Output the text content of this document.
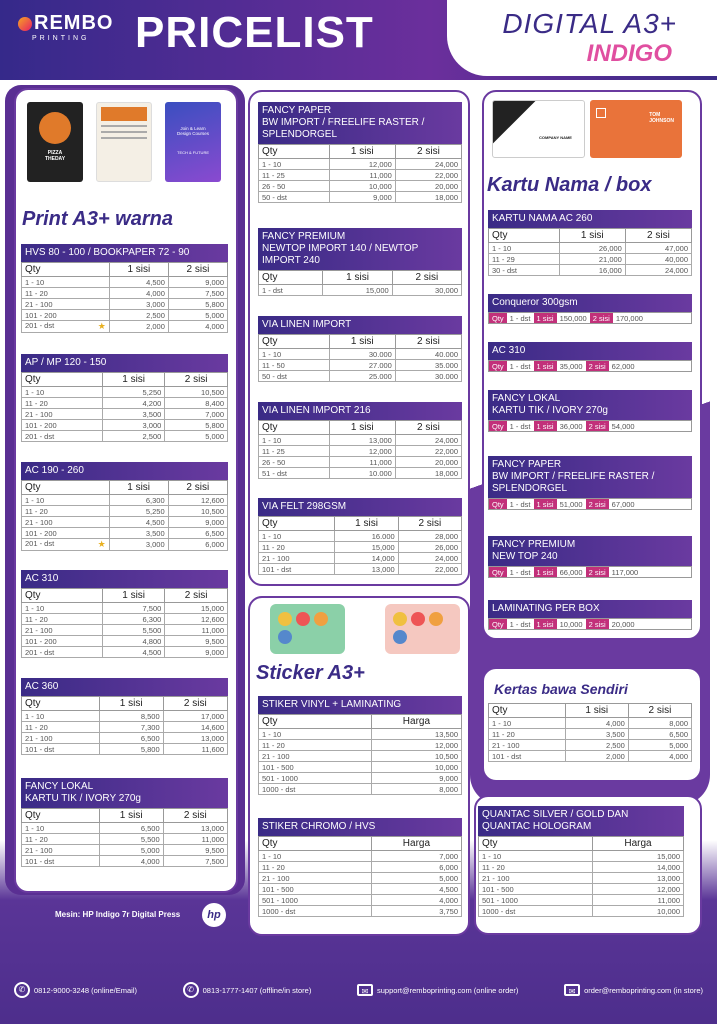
REMBO
PRINTING	PRICELIST	DIGITAL A3+
INDIGO
PIZZA
THEDAY
Join & Learn
Design Courses
TECH & FUTURE
Print A3+ warna
COMPANY NAME
TOM
JOHNSON
Kartu Nama / box
Sticker A3+
Kertas bawa Sendiri
Mesin: HP Indigo 7r Digital Press	hp
✆	0812-9000-3248 (online/Email)	✆	0813-1777-1407 (offline/in store)	✉	support@remboprinting.com (online order)	✉	order@remboprinting.com (in store)
HVS 80 - 100 / BOOKPAPER 72 - 90
Qty	1 sisi	2 sisi
1 - 10	4,500	9,000
11 - 20	4,000	7,500
21 - 100	3,000	5,800
101 - 200	2,500	5,000
201 - dst ★	2,000	4,000
AP / MP 120 - 150
Qty	1 sisi	2 sisi
1 - 10	5,250	10,500
11 - 20	4,200	8,400
21 - 100	3,500	7,000
101 - 200	3,000	5,800
201 - dst	2,500	5,000
AC 190 - 260
Qty	1 sisi	2 sisi
1 - 10	6,300	12,600
11 - 20	5,250	10,500
21 - 100	4,500	9,000
101 - 200	3,500	6,500
201 - dst ★	3,000	6,000
AC 310
Qty	1 sisi	2 sisi
1 - 10	7,500	15,000
11 - 20	6,300	12,600
21 - 100	5,500	11,000
101 - 200	4,800	9,500
201 - dst	4,500	9,000
AC 360
Qty	1 sisi	2 sisi
1 - 10	8,500	17,000
11 - 20	7,300	14,600
21 - 100	6,500	13,000
101 - dst	5,800	11,600
FANCY LOKAL
KARTU TIK / IVORY 270g
Qty	1 sisi	2 sisi
1 - 10	6,500	13,000
11 - 20	5,500	11,000
21 - 100	5,000	9,500
101 - dst	4,000	7,500
FANCY PAPER
BW IMPORT / FREELIFE RASTER /
SPLENDORGEL
Qty	1 sisi	2 sisi
1 - 10	12,000	24,000
11 - 25	11,000	22,000
26 - 50	10,000	20,000
50 - dst	9,000	18,000
FANCY PREMIUM
NEWTOP IMPORT 140 / NEWTOP
IMPORT 240
Qty	1 sisi	2 sisi
1 - dst	15,000	30,000
VIA LINEN IMPORT
Qty	1 sisi	2 sisi
1 - 10	30.000	40.000
11 - 50	27.000	35.000
50 - dst	25.000	30.000
VIA LINEN IMPORT 216
Qty	1 sisi	2 sisi
1 - 10	13,000	24,000
11 - 25	12,000	22,000
26 - 50	11,000	20,000
51 - dst	10.000	18,000
VIA FELT 298GSM
Qty	1 sisi	2 sisi
1 - 10	16.000	28,000
11 - 20	15,000	26,000
21 - 100	14,000	24,000
101 - dst	13,000	22,000
STIKER VINYL + LAMINATING
Qty	Harga
1 - 10	13,500
11 - 20	12,000
21 - 100	10,500
101 - 500	10,000
501 - 1000	9,000
1000 - dst	8,000
STIKER CHROMO / HVS
Qty	Harga
1 - 10	7,000
11 - 20	6,000
21 - 100	5,000
101 - 500	4,500
501 - 1000	4,000
1000 - dst	3,750
KARTU NAMA AC 260
Qty	1 sisi	2 sisi
1 - 10	26,000	47,000
11 - 29	21,000	40,000
30 - dst	16,000	24,000
Qty	1 sisi	2 sisi
1 - 10	4,000	8,000
11 - 20	3,500	6,500
21 - 100	2,500	5,000
101 - dst	2,000	4,000
QUANTAC SILVER / GOLD DAN
QUANTAC HOLOGRAM
Qty	Harga
1 - 10	15,000
11 - 20	14,000
21 - 100	13,000
101 - 500	12,000
501 - 1000	11,000
1000 - dst	10,000
Conqueror 300gsm
Qty 1 - dst 1 sisi 150,000 2 sisi 170,000
AC 310
Qty 1 - dst 1 sisi 35,000 2 sisi 62,000
FANCY LOKAL
KARTU TIK / IVORY 270g
Qty 1 - dst 1 sisi 36,000 2 sisi 54,000
FANCY PAPER
BW IMPORT / FREELIFE RASTER /
SPLENDORGEL
Qty 1 - dst 1 sisi 51,000 2 sisi 67,000
FANCY PREMIUM
NEW TOP 240
Qty 1 - dst 1 sisi 66,000 2 sisi 117,000
LAMINATING PER BOX
Qty 1 - dst 1 sisi 10,000 2 sisi 20,000
